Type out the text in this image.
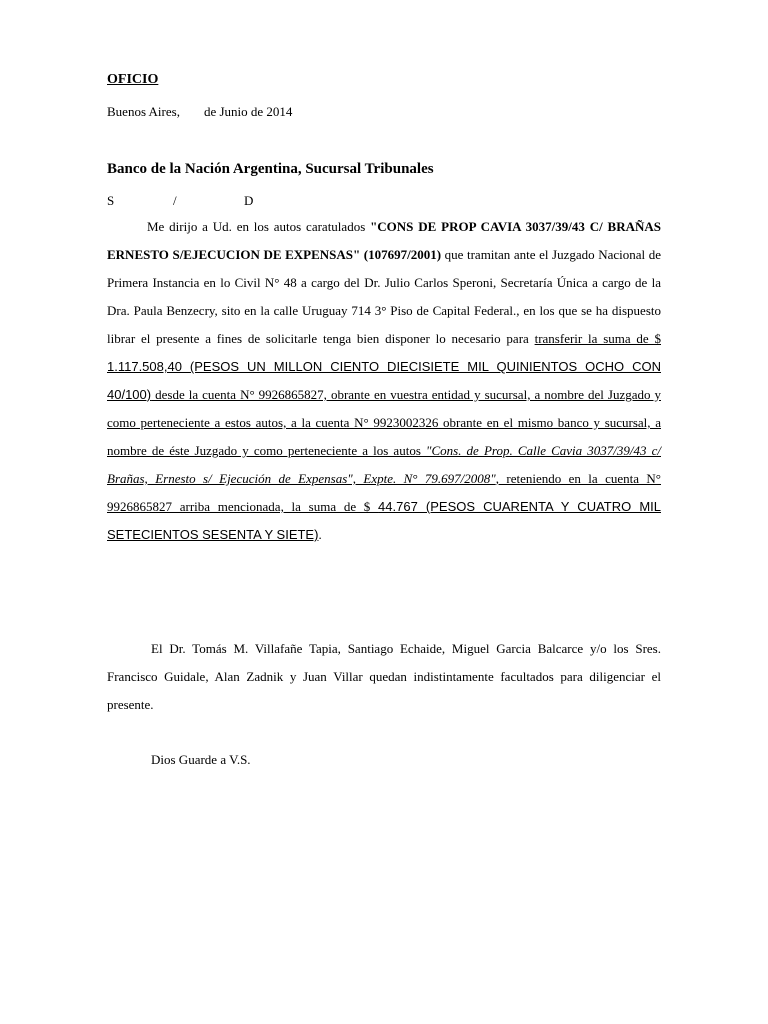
OFICIO
Buenos Aires, de Junio de 2014
Banco de la Nación Argentina, Sucursal Tribunales
S	/	D
Me dirijo a Ud. en los autos caratulados "CONS DE PROP CAVIA 3037/39/43 C/ BRAÑAS ERNESTO S/EJECUCION DE EXPENSAS" (107697/2001) que tramitan ante el Juzgado Nacional de Primera Instancia en lo Civil N° 48 a cargo del Dr. Julio Carlos Speroni, Secretaría Única a cargo de la Dra. Paula Benzecry, sito en la calle Uruguay 714 3° Piso de Capital Federal., en los que se ha dispuesto librar el presente a fines de solicitarle tenga bien disponer lo necesario para transferir la suma de $ 1.117.508,40 (PESOS UN MILLON CIENTO DIECISIETE MIL QUINIENTOS OCHO CON 40/100) desde la cuenta N° 9926865827, obrante en vuestra entidad y sucursal, a nombre del Juzgado y como perteneciente a estos autos, a la cuenta N° 9923002326 obrante en el mismo banco y sucursal, a nombre de éste Juzgado y como perteneciente a los autos "Cons. de Prop. Calle Cavia 3037/39/43 c/ Brañas, Ernesto s/ Ejecución de Expensas", Expte. N° 79.697/2008", reteniendo en la cuenta N° 9926865827 arriba mencionada, la suma de $ 44.767 (PESOS CUARENTA Y CUATRO MIL SETECIENTOS SESENTA Y SIETE).
El Dr. Tomás M. Villafañe Tapia, Santiago Echaide, Miguel Garcia Balcarce y/o los Sres. Francisco Guidale, Alan Zadnik y Juan Villar quedan indistintamente facultados para diligenciar el presente.
Dios Guarde a V.S.
